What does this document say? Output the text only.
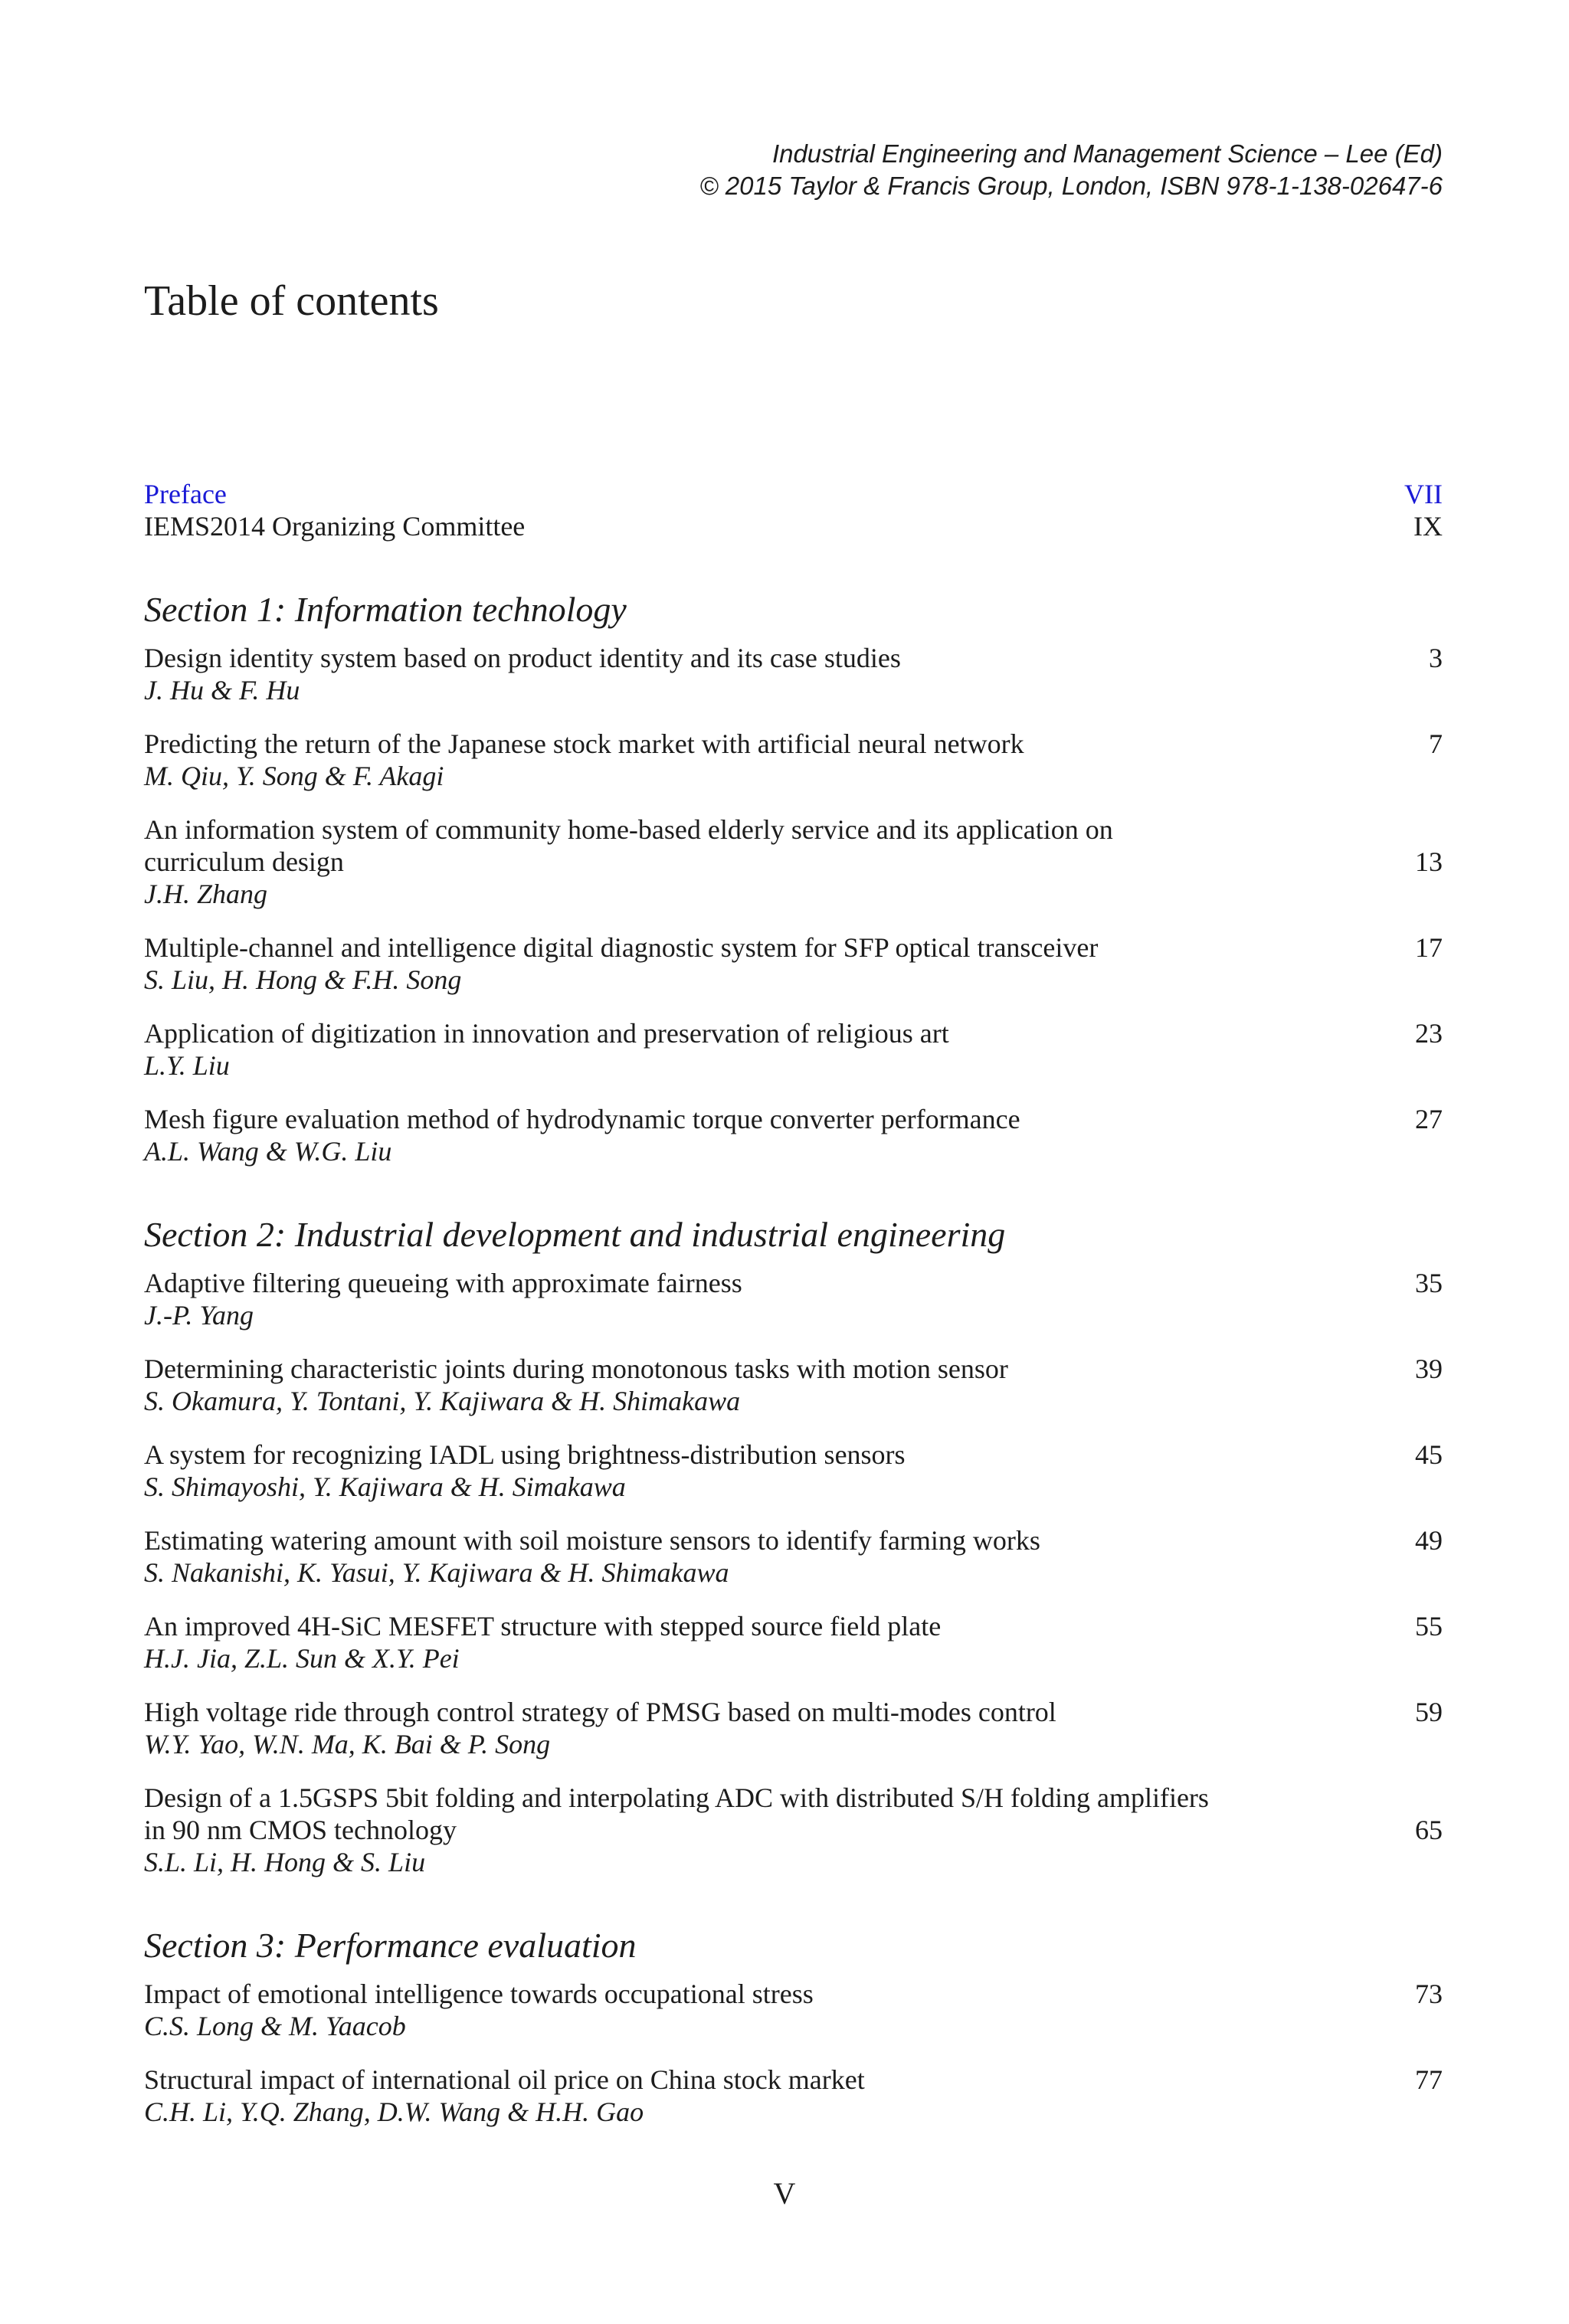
Industrial Engineering and Management Science – Lee (Ed)
© 2015 Taylor & Francis Group, London, ISBN 978-1-138-02647-6
Table of contents
Preface	VII
IEMS2014 Organizing Committee	IX
Section 1: Information technology
Design identity system based on product identity and its case studies	3
J. Hu & F. Hu
Predicting the return of the Japanese stock market with artificial neural network	7
M. Qiu, Y. Song & F. Akagi
An information system of community home-based elderly service and its application on curriculum design	13
J.H. Zhang
Multiple-channel and intelligence digital diagnostic system for SFP optical transceiver	17
S. Liu, H. Hong & F.H. Song
Application of digitization in innovation and preservation of religious art	23
L.Y. Liu
Mesh figure evaluation method of hydrodynamic torque converter performance	27
A.L. Wang & W.G. Liu
Section 2: Industrial development and industrial engineering
Adaptive filtering queueing with approximate fairness	35
J.-P. Yang
Determining characteristic joints during monotonous tasks with motion sensor	39
S. Okamura, Y. Tontani, Y. Kajiwara & H. Shimakawa
A system for recognizing IADL using brightness-distribution sensors	45
S. Shimayoshi, Y. Kajiwara & H. Simakawa
Estimating watering amount with soil moisture sensors to identify farming works	49
S. Nakanishi, K. Yasui, Y. Kajiwara & H. Shimakawa
An improved 4H-SiC MESFET structure with stepped source field plate	55
H.J. Jia, Z.L. Sun & X.Y. Pei
High voltage ride through control strategy of PMSG based on multi-modes control	59
W.Y. Yao, W.N. Ma, K. Bai & P. Song
Design of a 1.5GSPS 5bit folding and interpolating ADC with distributed S/H folding amplifiers in 90 nm CMOS technology	65
S.L. Li, H. Hong & S. Liu
Section 3: Performance evaluation
Impact of emotional intelligence towards occupational stress	73
C.S. Long & M. Yaacob
Structural impact of international oil price on China stock market	77
C.H. Li, Y.Q. Zhang, D.W. Wang & H.H. Gao
V
